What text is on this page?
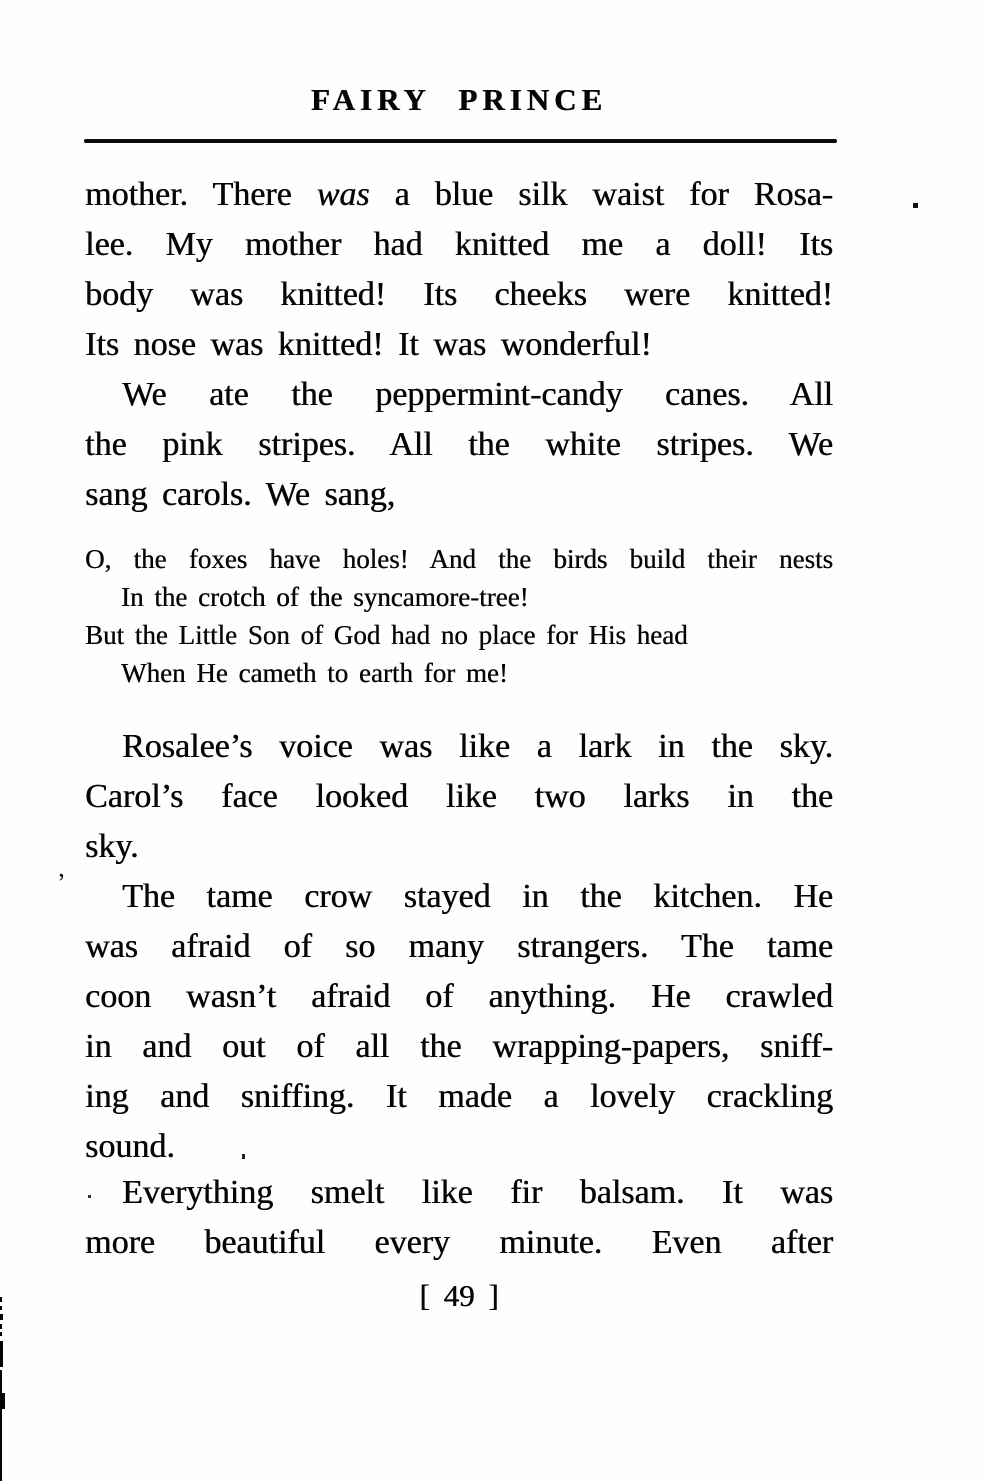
FAIRY PRINCE
mother. There was a blue silk waist for Rosa-
lee. My mother had knitted me a doll! Its
body was knitted! Its cheeks were knitted!
Its nose was knitted! It was wonderful!
We ate the peppermint-candy canes. All
the pink stripes. All the white stripes. We
sang carols. We sang,
O, the foxes have holes! And the birds build their nests
In the crotch of the syncamore-tree!
But the Little Son of God had no place for His head
When He cameth to earth for me!
Rosalee’s voice was like a lark in the sky.
Carol’s face looked like two larks in the
sky.
The tame crow stayed in the kitchen. He
was afraid of so many strangers. The tame
coon wasn’t afraid of anything. He crawled
in and out of all the wrapping-papers, sniff-
ing and sniffing. It made a lovely crackling
sound.
Everything smelt like fir balsam. It was
more beautiful every minute. Even after
[ 49 ]
’
